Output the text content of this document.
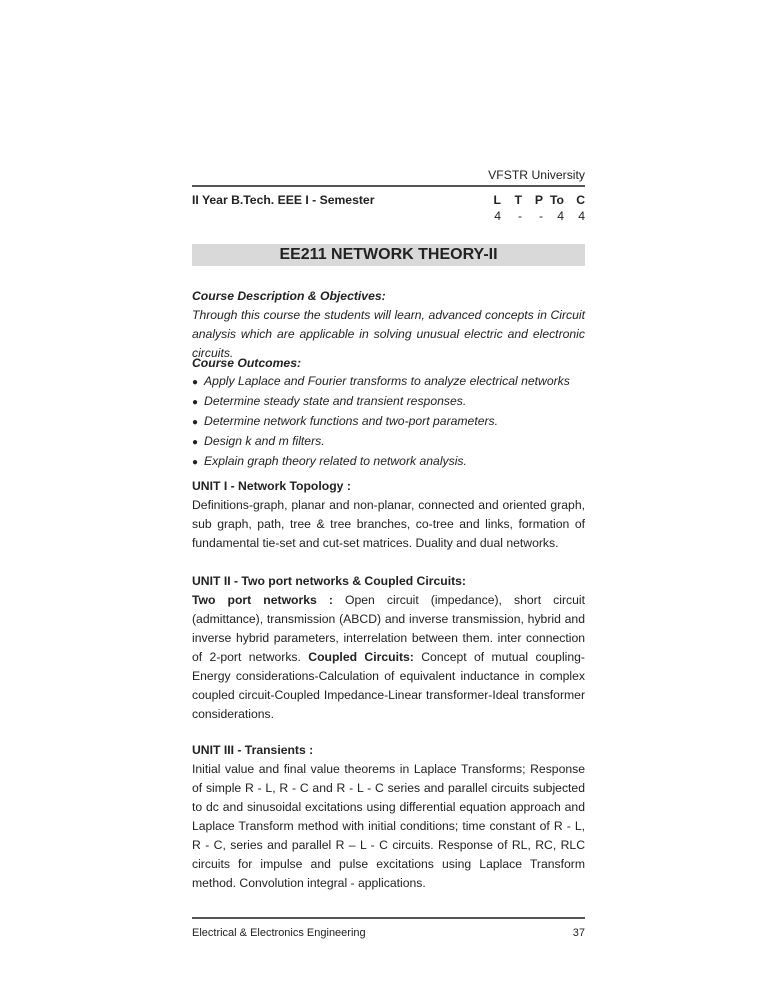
VFSTR University
II Year B.Tech. EEE I - Semester	L	T	P To C
4	-	-	4	4
EE211 NETWORK THEORY-II

Course Description & Objectives:

Through this course the students will learn, advanced concepts in Circuit analysis which are applicable in solving unusual electric and electronic circuits.

Course Outcomes:
● Apply Laplace and Fourier transforms to analyze electrical networks
● Determine steady state and transient responses.
● Determine network functions and two-port parameters.
● Design k and m filters.
● Explain graph theory related to network analysis.

UNIT I - Network Topology :

Definitions-graph, planar and non-planar, connected and oriented graph, sub graph, path, tree & tree branches, co-tree and links, formation of fundamental tie-set and cut-set matrices. Duality and dual networks.

UNIT II - Two port networks & Coupled Circuits:

Two port networks : Open circuit (impedance), short circuit (admittance), transmission (ABCD) and inverse transmission, hybrid and inverse hybrid parameters, interrelation between them. inter connection of 2-port networks. Coupled Circuits: Concept of mutual coupling-Energy considerations-Calculation of equivalent inductance in complex coupled circuit-Coupled Impedance-Linear transformer-Ideal transformer considerations.

UNIT III - Transients :

Initial value and final value theorems in Laplace Transforms; Response of simple R - L, R - C and R - L - C series and parallel circuits subjected to dc and sinusoidal excitations using differential equation approach and Laplace Transform method with initial conditions; time constant of R - L, R - C, series and parallel R – L - C circuits. Response of RL, RC, RLC circuits for impulse and pulse excitations using Laplace Transform method. Convolution integral - applications.

Electrical & Electronics Engineering	37
